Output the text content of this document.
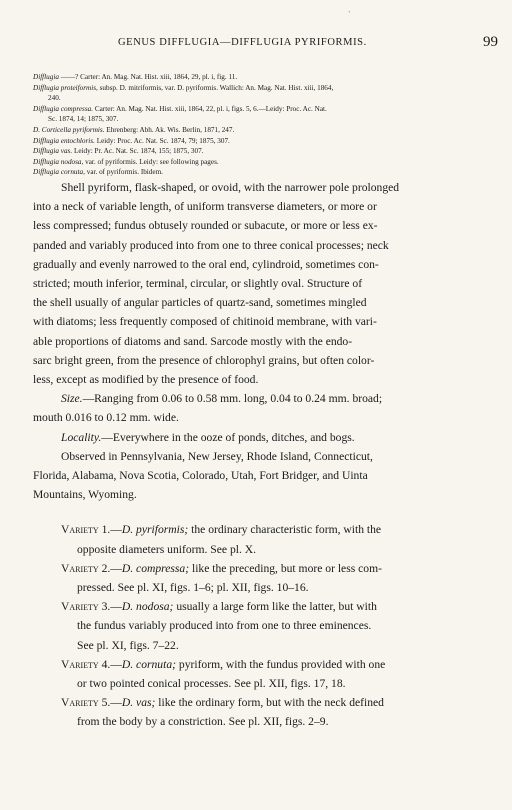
`
GENUS DIFFLUGIA—DIFFLUGIA PYRIFORMIS.	99
Difflugia ——? Carter: An. Mag. Nat. Hist. xiii, 1864, 29, pl. i, fig. 11.
Difflugia proteiformis, subsp. D. mitriformis, var. D. pyriformis. Wallich: An. Mag. Nat. Hist. xiii, 1864,
240.
Difflugia compressa. Carter: An. Mag. Nat. Hist. xiii, 1864, 22, pl. i, figs. 5, 6.—Leidy: Proc. Ac. Nat.
Sc. 1874, 14; 1875, 307.
D. Corticella pyriformis. Ehrenberg: Abh. Ak. Wis. Berlin, 1871, 247.
Difflugia entochloris. Leidy: Proc. Ac. Nat. Sc. 1874, 79; 1875, 307.
Difflugia vas. Leidy: Pr. Ac. Nat. Sc. 1874, 155; 1875, 307.
Difflugia nodosa, var. of pyriformis. Leidy: see following pages.
Difflugia cornuta, var. of pyriformis. Ibidem.
Shell pyriform, flask-shaped, or ovoid, with the narrower pole prolonged
into a neck of variable length, of uniform transverse diameters, or more or
less compressed; fundus obtusely rounded or subacute, or more or less ex-
panded and variably produced into from one to three conical processes; neck
gradually and evenly narrowed to the oral end, cylindroid, sometimes con-
stricted; mouth inferior, terminal, circular, or slightly oval. Structure of
the shell usually of angular particles of quartz-sand, sometimes mingled
with diatoms; less frequently composed of chitinoid membrane, with vari-
able proportions of diatoms and sand. Sarcode mostly with the endo-
sarc bright green, from the presence of chlorophyl grains, but often color-
less, except as modified by the presence of food.
Size.—Ranging from 0.06 to 0.58 mm. long, 0.04 to 0.24 mm. broad;
mouth 0.016 to 0.12 mm. wide.
Locality.—Everywhere in the ooze of ponds, ditches, and bogs.
Observed in Pennsylvania, New Jersey, Rhode Island, Connecticut,
Florida, Alabama, Nova Scotia, Colorado, Utah, Fort Bridger, and Uinta
Mountains, Wyoming.
Variety 1.—D. pyriformis; the ordinary characteristic form, with the
opposite diameters uniform. See pl. X.
Variety 2.—D. compressa; like the preceding, but more or less com-
pressed. See pl. XI, figs. 1–6; pl. XII, figs. 10–16.
Variety 3.—D. nodosa; usually a large form like the latter, but with
the fundus variably produced into from one to three eminences.
See pl. XI, figs. 7–22.
Variety 4.—D. cornuta; pyriform, with the fundus provided with one
or two pointed conical processes. See pl. XII, figs. 17, 18.
Variety 5.—D. vas; like the ordinary form, but with the neck defined
from the body by a constriction. See pl. XII, figs. 2–9.
